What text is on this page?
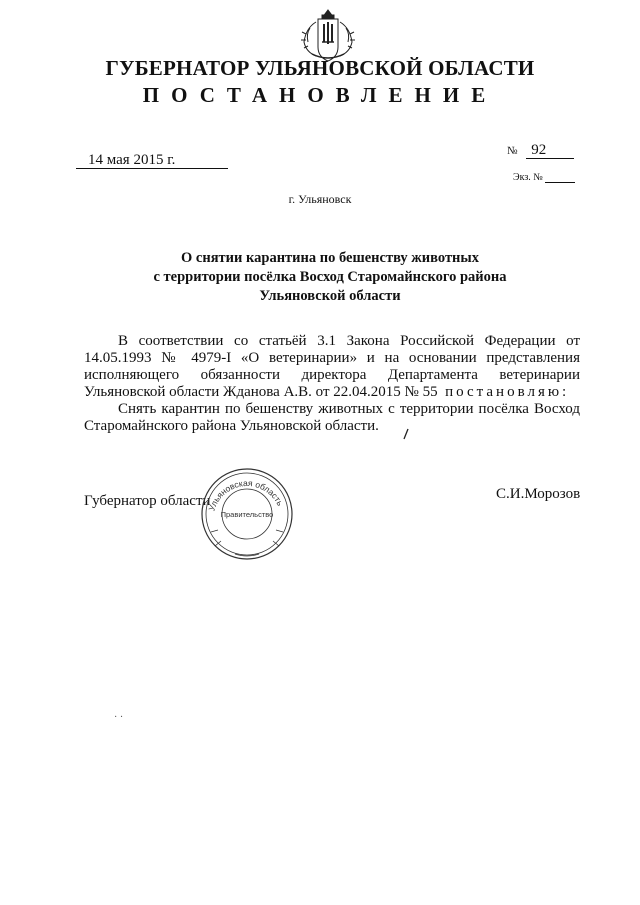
ГУБЕРНАТОР УЛЬЯНОВСКОЙ ОБЛАСТИ
ПОСТАНОВЛЕНИЕ
14 мая 2015 г.
№ 92
Экз. №
г. Ульяновск
О снятии карантина по бешенству животных
с территории посёлка Восход Старомайнского района
Ульяновской области

В соответствии со статьёй 3.1 Закона Российской Федерации от 14.05.1993 № 4979-I «О ветеринарии» и на основании представления исполняющего обязанности директора Департамента ветеринарии Ульяновской области Жданова А.В. от 22.04.2015 № 55 постановляю:

Снять карантин по бешенству животных с территории посёлка Восход Старомайнского района Ульяновской области.

Губернатор области	С.И.Морозов
Ульяновская область
Правительство
· ·
